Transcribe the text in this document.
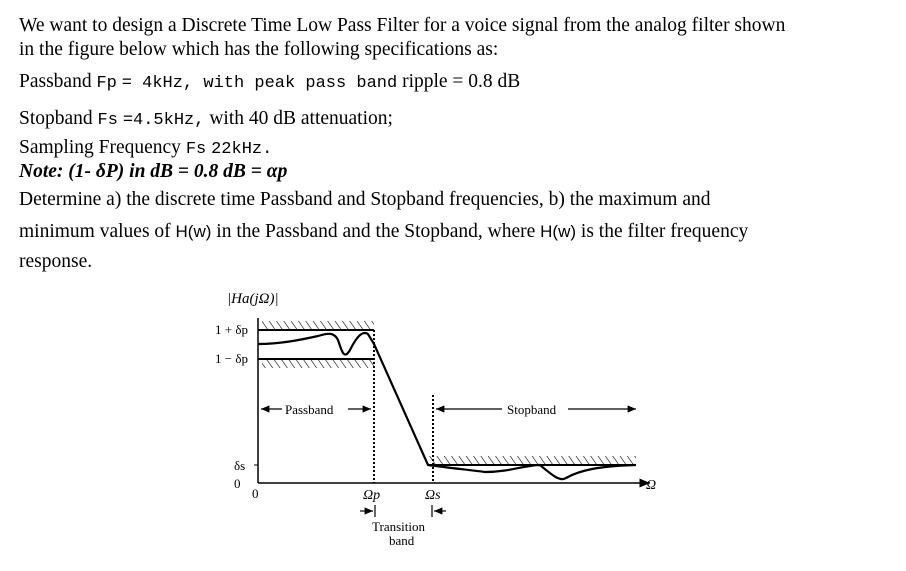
We want to design a Discrete Time Low Pass Filter for a voice signal from the analog filter shown
in the figure below which has the following specifications as:
Passband Fp = 4kHz, with peak pass band ripple = 0.8 dB
Stopband Fs =4.5kHz, with 40 dB attenuation;
Sampling Frequency Fs 22kHz.
Note: (1- δP) in dB = 0.8 dB = αp
Determine a) the discrete time Passband and Stopband frequencies, b) the maximum and
minimum values of H(w) in the Passband and the Stopband, where H(w) is the filter frequency
response.
|Ha(jΩ)|
1 + δp
1 − δp
δs
0
0
Passband	Stopband
Ωp	Ωs
Ω
Transition
band
